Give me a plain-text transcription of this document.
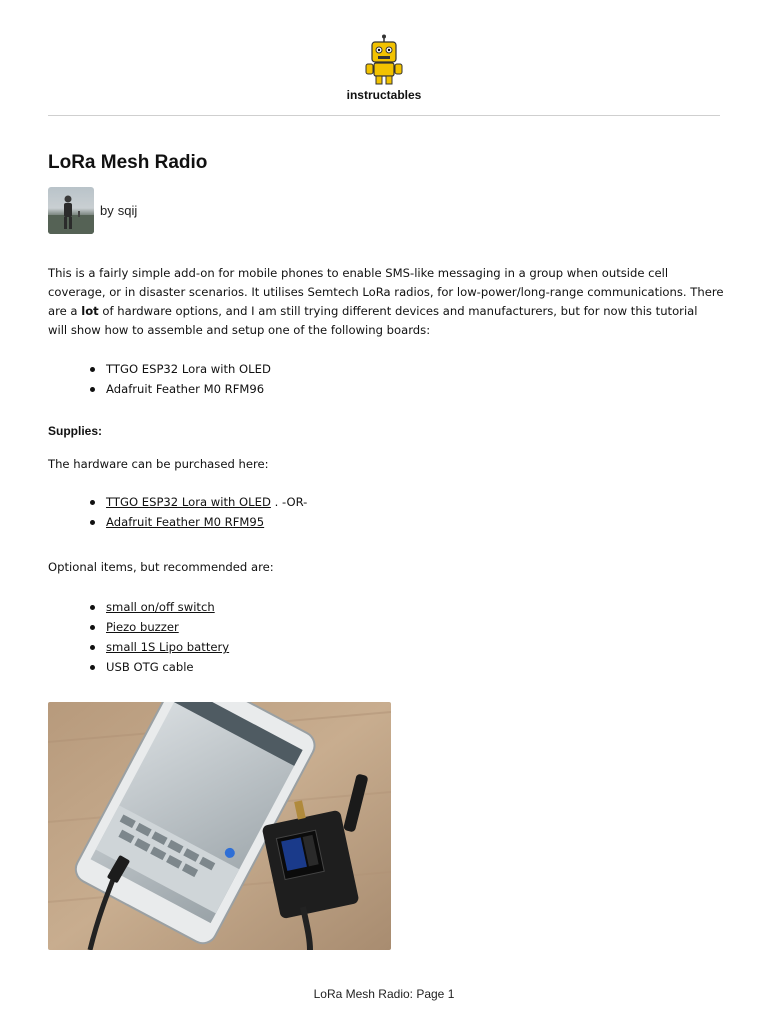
instructables
LoRa Mesh Radio
by sqij
This is a fairly simple add-on for mobile phones to enable SMS-like messaging in a group when outside cell
coverage, or in disaster scenarios. It utilises Semtech LoRa radios, for low-power/long-range communications. There
are a lot of hardware options, and I am still trying different devices and manufacturers, but for now this tutorial
will show how to assemble and setup one of the following boards:
TTGO ESP32 Lora with OLED
Adafruit Feather M0 RFM96
Supplies:
The hardware can be purchased here:
TTGO ESP32 Lora with OLED . -OR-
Adafruit Feather M0 RFM95
Optional items, but recommended are:
small on/off switch
Piezo buzzer
small 1S Lipo battery
USB OTG cable
LoRa Mesh Radio: Page 1
